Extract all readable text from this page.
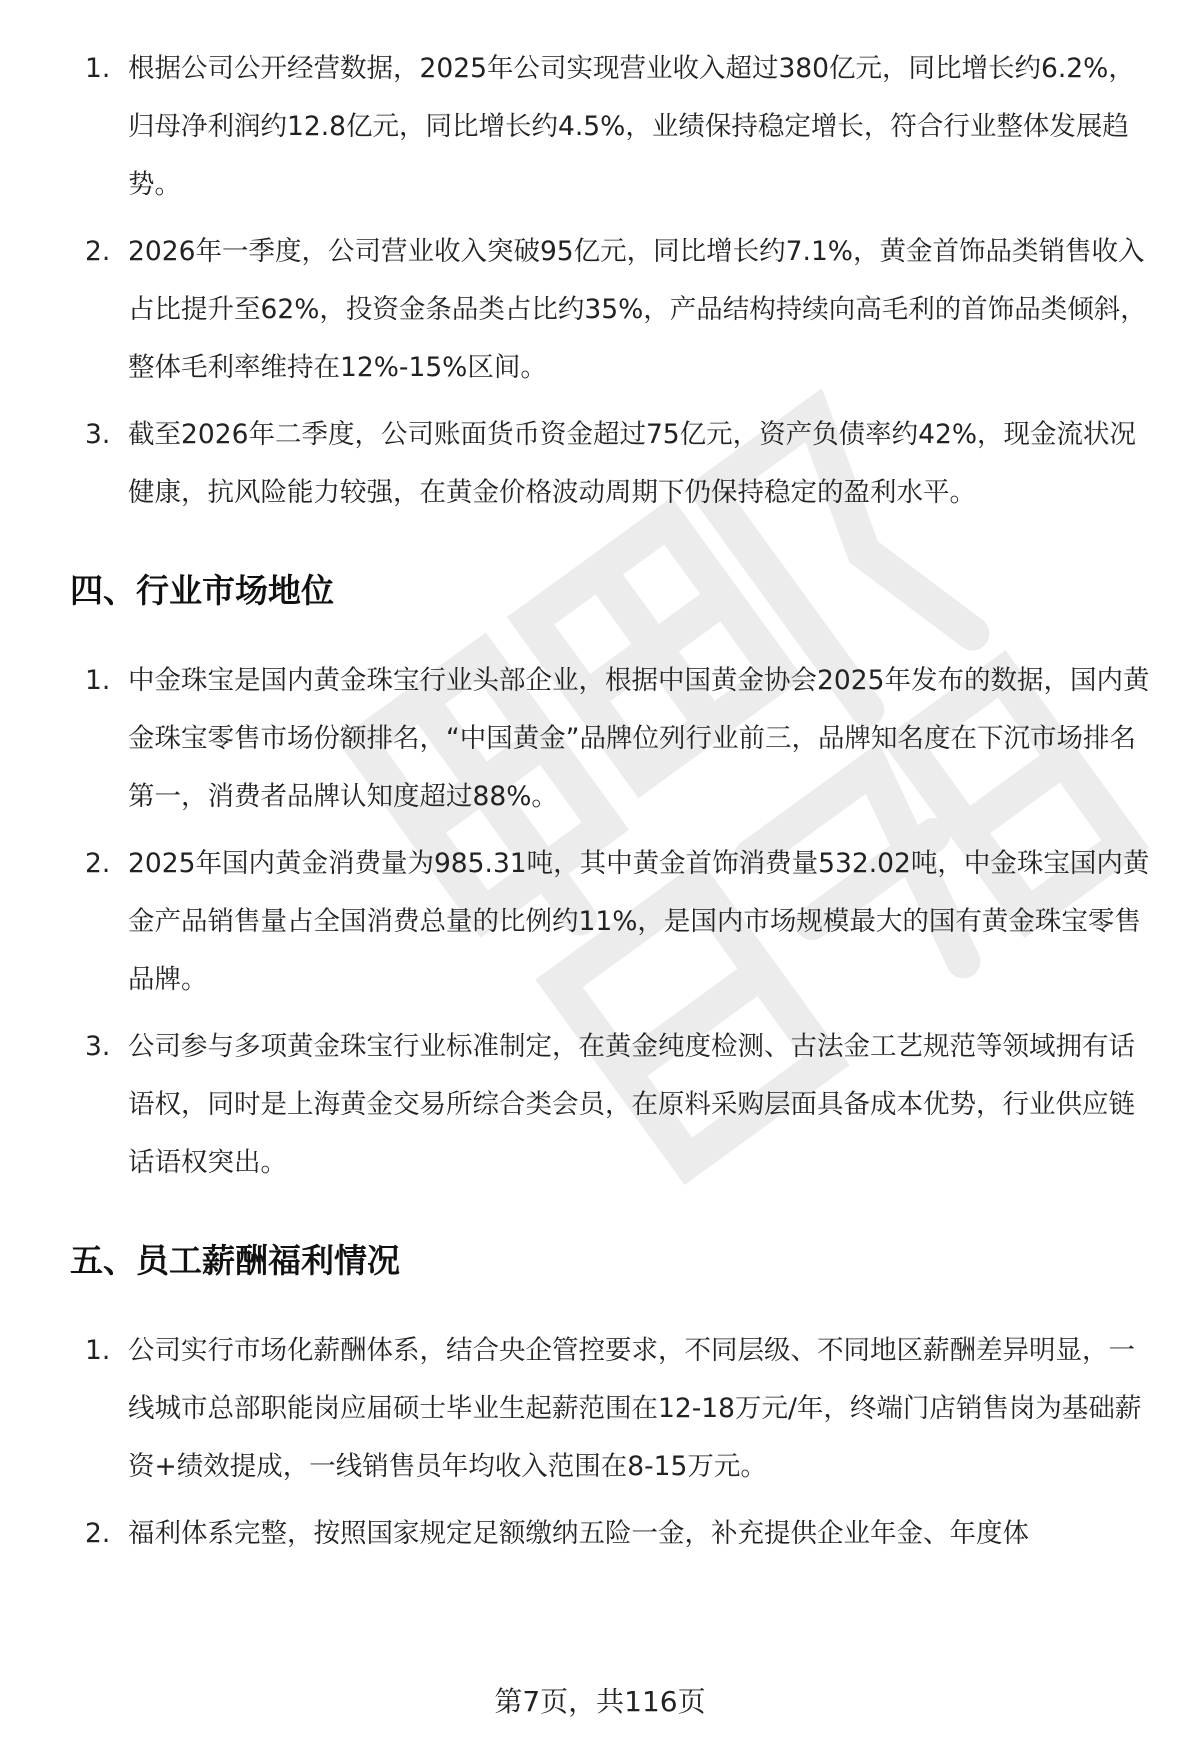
1. 根据公司公开经营数据，2025年公司实现营业收入超过380亿元，同比增长约6.2%，归母净利润约12.8亿元，同比增长约4.5%，业绩保持稳定增长，符合行业整体发展趋势。
2. 2026年一季度，公司营业收入突破95亿元，同比增长约7.1%，黄金首饰品类销售收入占比提升至62%，投资金条品类占比约35%，产品结构持续向高毛利的首饰品类倾斜，整体毛利率维持在12%-15%区间。
3. 截至2026年二季度，公司账面货币资金超过75亿元，资产负债率约42%，现金流状况健康，抗风险能力较强，在黄金价格波动周期下仍保持稳定的盈利水平。
四、行业市场地位
1. 中金珠宝是国内黄金珠宝行业头部企业，根据中国黄金协会2025年发布的数据，国内黄金珠宝零售市场份额排名，“中国黄金”品牌位列行业前三，品牌知名度在下沉市场排名第一，消费者品牌认知度超过88%。
2. 2025年国内黄金消费量为985.31吨，其中黄金首饰消费量532.02吨，中金珠宝国内黄金产品销售量占全国消费总量的比例约11%，是国内市场规模最大的国有黄金珠宝零售品牌。
3. 公司参与多项黄金珠宝行业标准制定，在黄金纯度检测、古法金工艺规范等领域拥有话语权，同时是上海黄金交易所综合类会员，在原料采购层面具备成本优势，行业供应链话语权突出。
五、员工薪酬福利情况
1. 公司实行市场化薪酬体系，结合央企管控要求，不同层级、不同地区薪酬差异明显，一线城市总部职能岗应届硕士毕业生起薪范围在12-18万元/年，终端门店销售岗为基础薪资+绩效提成，一线销售员年均收入范围在8-15万元。
2. 福利体系完整，按照国家规定足额缴纳五险一金，补充提供企业年金、年度体
第7页，共116页
